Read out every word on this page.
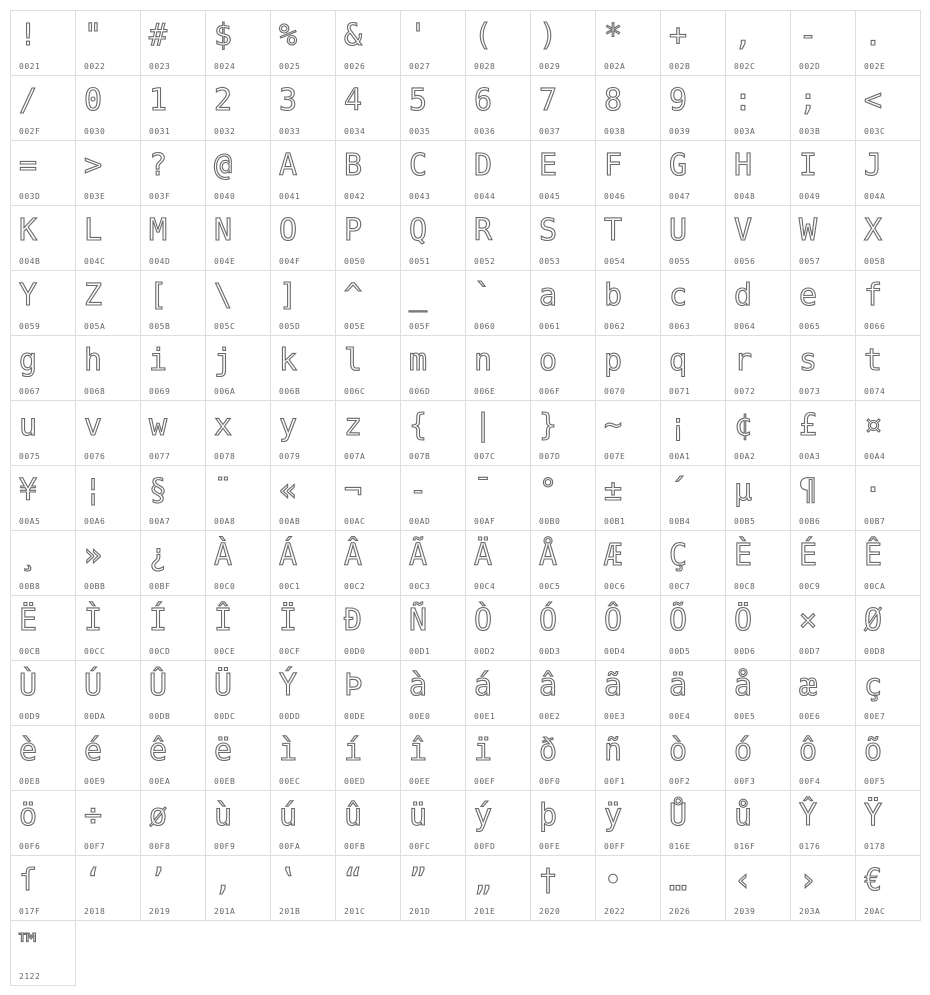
!
0021
"
0022
#
0023
$
0024
%
0025
&
0026
'
0027
(
0028
)
0029
*
002A
+
002B
,
002C
-
002D
.
002E
/
002F
0
0030
1
0031
2
0032
3
0033
4
0034
5
0035
6
0036
7
0037
8
0038
9
0039
:
003A
;
003B
<
003C
=
003D
>
003E
?
003F
@
0040
A
0041
B
0042
C
0043
D
0044
E
0045
F
0046
G
0047
H
0048
I
0049
J
004A
K
004B
L
004C
M
004D
N
004E
O
004F
P
0050
Q
0051
R
0052
S
0053
T
0054
U
0055
V
0056
W
0057
X
0058
Y
0059
Z
005A
[
005B
\
005C
]
005D
^
005E
_
005F
`
0060
a
0061
b
0062
c
0063
d
0064
e
0065
f
0066
g
0067
h
0068
i
0069
j
006A
k
006B
l
006C
m
006D
n
006E
o
006F
p
0070
q
0071
r
0072
s
0073
t
0074
u
0075
v
0076
w
0077
x
0078
y
0079
z
007A
{
007B
|
007C
}
007D
~
007E
¡
00A1
¢
00A2
£
00A3
¤
00A4
¥
00A5
¦
00A6
§
00A7
¨
00A8
«
00AB
¬
00AC
-
00AD
¯
00AF
°
00B0
±
00B1
´
00B4
µ
00B5
¶
00B6
·
00B7
¸
00B8
»
00BB
¿
00BF
À
00C0
Á
00C1
Â
00C2
Ã
00C3
Ä
00C4
Å
00C5
Æ
00C6
Ç
00C7
È
00C8
É
00C9
Ê
00CA
Ë
00CB
Ì
00CC
Í
00CD
Î
00CE
Ï
00CF
Ð
00D0
Ñ
00D1
Ò
00D2
Ó
00D3
Ô
00D4
Õ
00D5
Ö
00D6
×
00D7
Ø
00D8
Ù
00D9
Ú
00DA
Û
00DB
Ü
00DC
Ý
00DD
Þ
00DE
à
00E0
á
00E1
â
00E2
ã
00E3
ä
00E4
å
00E5
æ
00E6
ç
00E7
è
00E8
é
00E9
ê
00EA
ë
00EB
ì
00EC
í
00ED
î
00EE
ï
00EF
ð
00F0
ñ
00F1
ò
00F2
ó
00F3
ô
00F4
õ
00F5
ö
00F6
÷
00F7
ø
00F8
ù
00F9
ú
00FA
û
00FB
ü
00FC
ý
00FD
þ
00FE
ÿ
00FF
Ů
016E
ů
016F
Ŷ
0176
Ÿ
0178
ſ
017F
‘
2018
’
2019
‚
201A
‛
201B
“
201C
”
201D
„
201E
†
2020
•
2022
…
2026
‹
2039
›
203A
€
20AC
™
2122
